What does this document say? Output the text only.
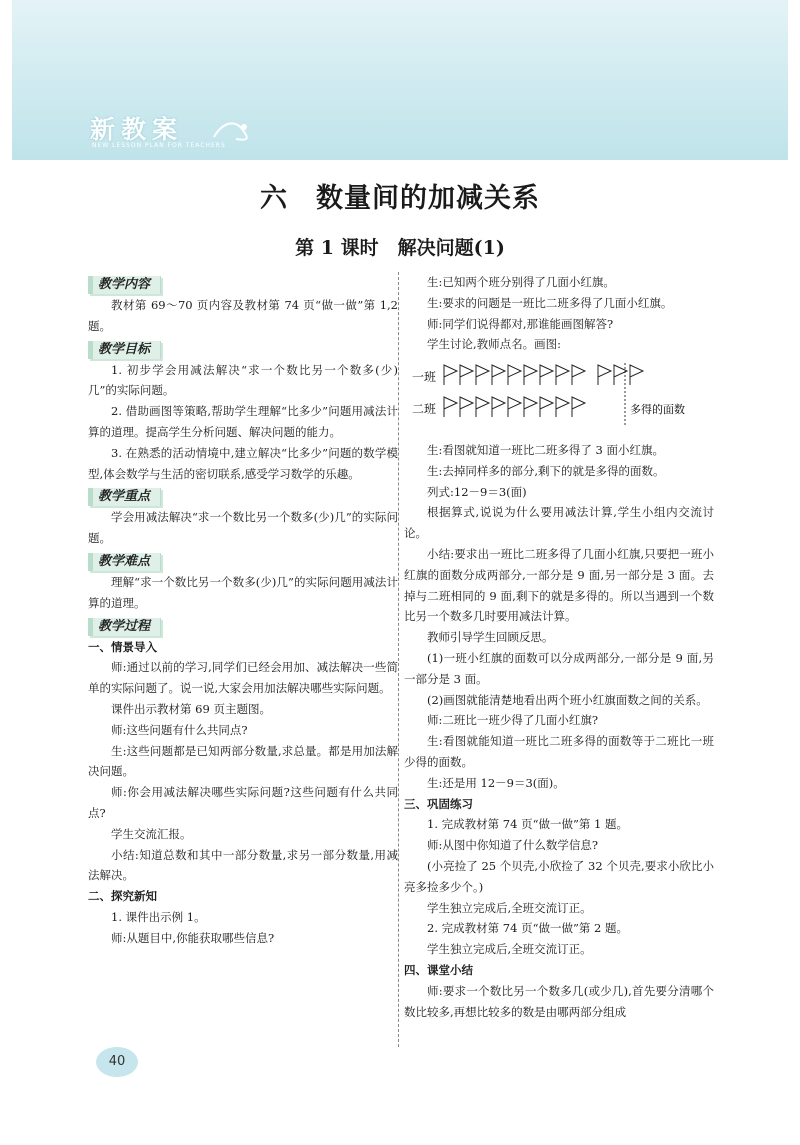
新教案
NEW LESSON PLAN FOR TEACHERS
六　数量间的加减关系
第 1 课时　解决问题(1)
教学内容

教材第 69～70 页内容及教材第 74 页“做一做”第 1,2 题。

教学目标

1. 初步学会用减法解决“求一个数比另一个数多(少)几”的实际问题。

2. 借助画图等策略,帮助学生理解“比多少”问题用减法计算的道理。提高学生分析问题、解决问题的能力。

3. 在熟悉的活动情境中,建立解决“比多少”问题的数学模型,体会数学与生活的密切联系,感受学习数学的乐趣。

教学重点

学会用减法解决“求一个数比另一个数多(少)几”的实际问题。

教学难点

理解“求一个数比另一个数多(少)几”的实际问题用减法计算的道理。

教学过程

一、情景导入

师:通过以前的学习,同学们已经会用加、减法解决一些简单的实际问题了。说一说,大家会用加法解决哪些实际问题。

课件出示教材第 69 页主题图。

师:这些问题有什么共同点?

生:这些问题都是已知两部分数量,求总量。都是用加法解决问题。

师:你会用减法解决哪些实际问题?这些问题有什么共同点?

学生交流汇报。

小结:知道总数和其中一部分数量,求另一部分数量,用减法解决。

二、探究新知

1. 课件出示例 1。

师:从题目中,你能获取哪些信息?

生:已知两个班分别得了几面小红旗。

生:要求的问题是一班比二班多得了几面小红旗。

师:同学们说得都对,那谁能画图解答?

学生讨论,教师点名。画图:

一班
二班	多得的面数

生:看图就知道一班比二班多得了 3 面小红旗。

生:去掉同样多的部分,剩下的就是多得的面数。

列式:12－9＝3(面)

根据算式,说说为什么要用减法计算,学生小组内交流讨论。

小结:要求出一班比二班多得了几面小红旗,只要把一班小红旗的面数分成两部分,一部分是 9 面,另一部分是 3 面。去掉与二班相同的 9 面,剩下的就是多得的。所以当遇到一个数比另一个数多几时要用减法计算。

教师引导学生回顾反思。

(1)一班小红旗的面数可以分成两部分,一部分是 9 面,另一部分是 3 面。

(2)画图就能清楚地看出两个班小红旗面数之间的关系。

师:二班比一班少得了几面小红旗?

生:看图就能知道一班比二班多得的面数等于二班比一班少得的面数。

生:还是用 12－9＝3(面)。

三、巩固练习

1. 完成教材第 74 页“做一做”第 1 题。

师:从图中你知道了什么数学信息?

(小亮捡了 25 个贝壳,小欣捡了 32 个贝壳,要求小欣比小亮多捡多少个。)

学生独立完成后,全班交流订正。

2. 完成教材第 74 页“做一做”第 2 题。

学生独立完成后,全班交流订正。

四、课堂小结

师:要求一个数比另一个数多几(或少几),首先要分清哪个数比较多,再想比较多的数是由哪两部分组成

40
